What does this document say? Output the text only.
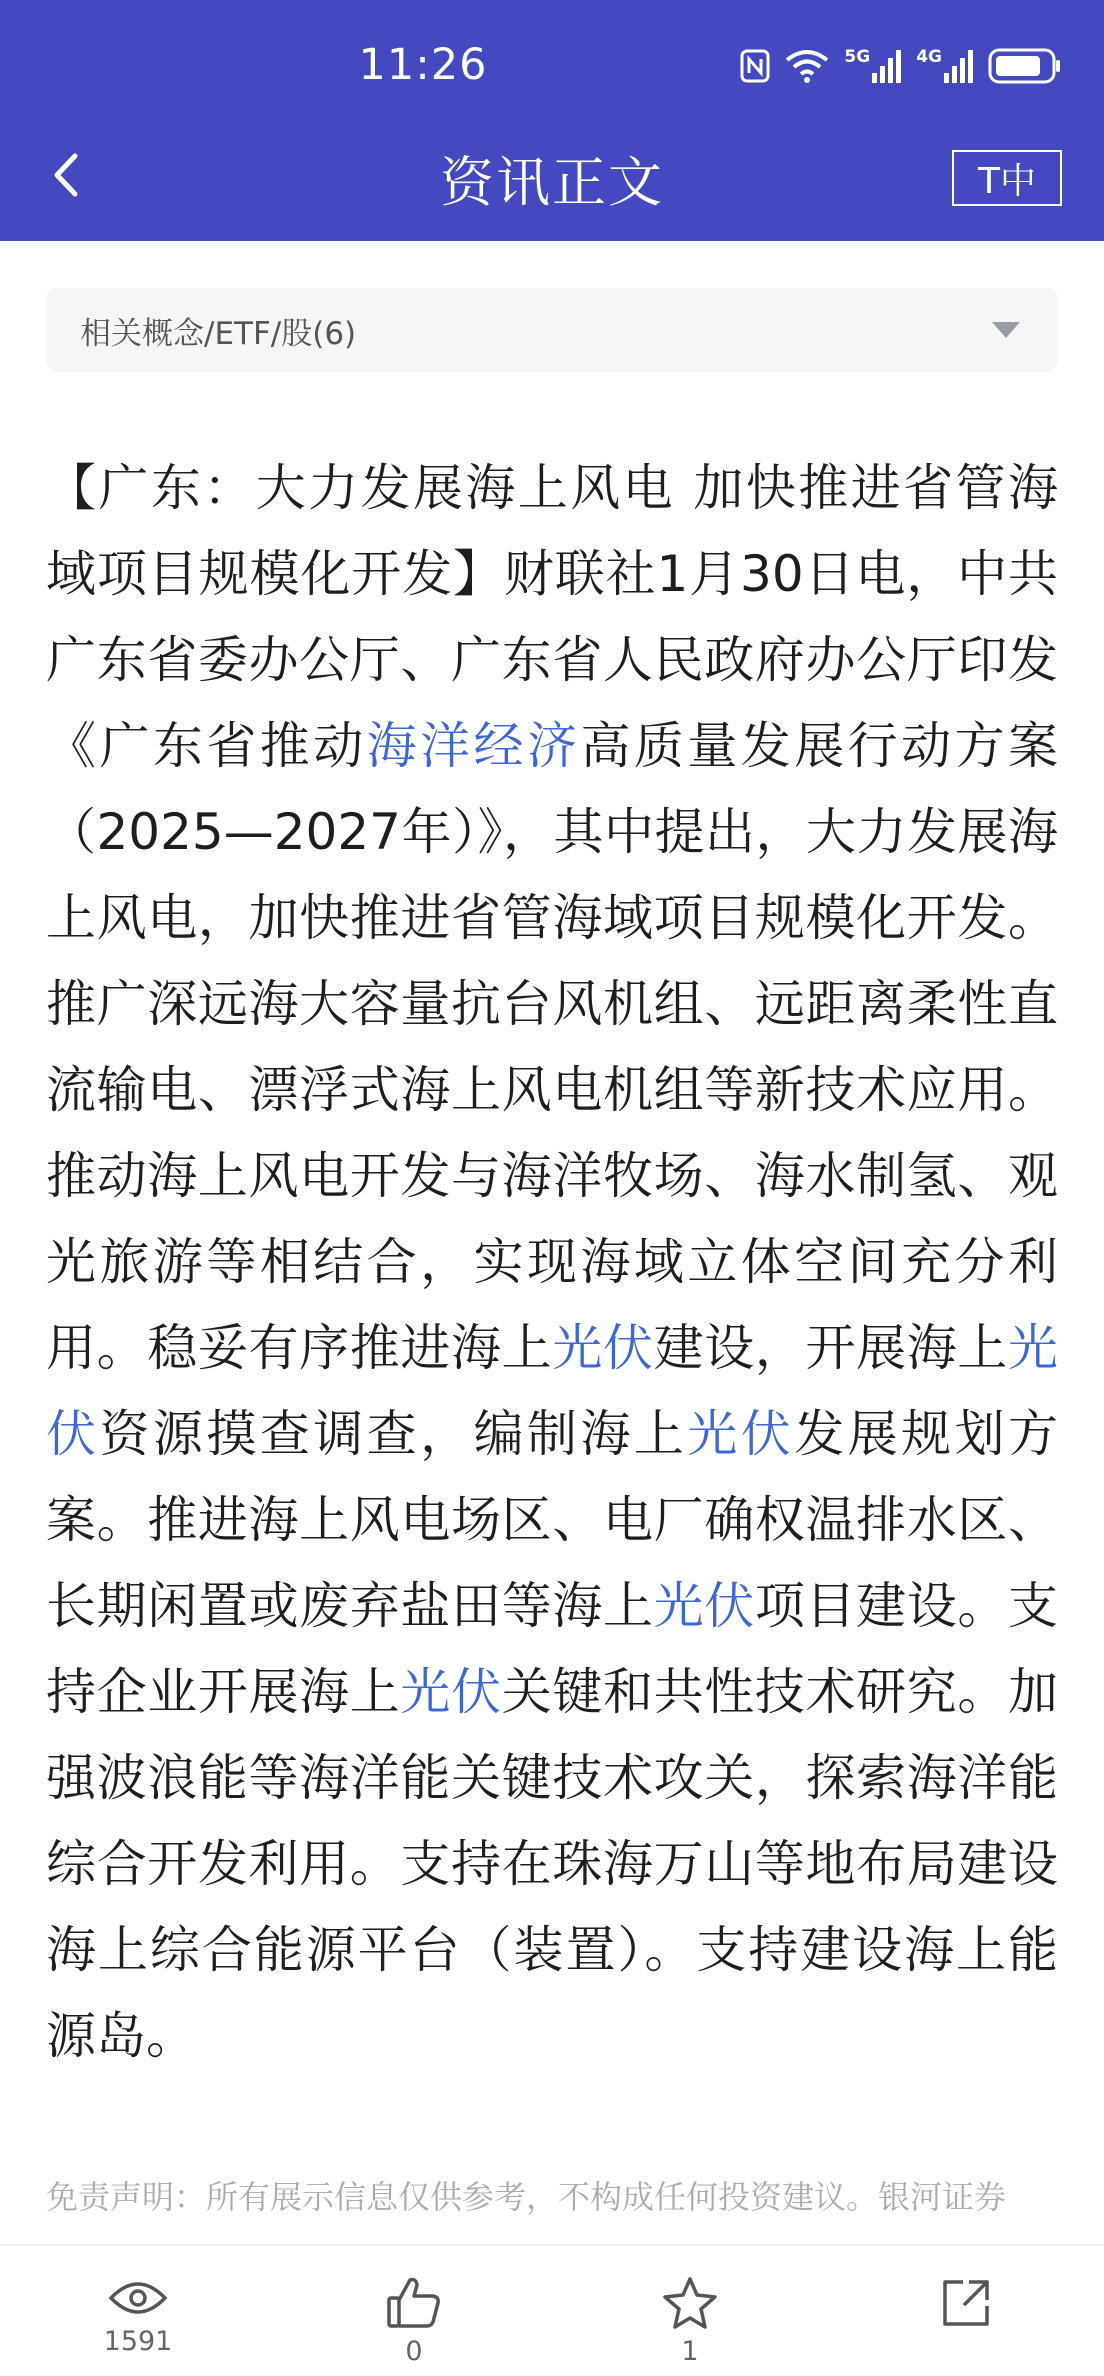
11:26	5G	4G
资讯正文	T中
相关概念/ETF/股(6)
【广东：大力发展海上风电 加快推进省管海域项目规模化开发】财联社1月30日电，中共广东省委办公厅、广东省人民政府办公厅印发《广东省推动海洋经济高质量发展行动方案（2025—2027年）》，其中提出，大力发展海上风电，加快推进省管海域项目规模化开发。推广深远海大容量抗台风机组、远距离柔性直流输电、漂浮式海上风电机组等新技术应用。推动海上风电开发与海洋牧场、海水制氢、观光旅游等相结合，实现海域立体空间充分利用。稳妥有序推进海上光伏建设，开展海上光伏资源摸查调查，编制海上光伏发展规划方案。推进海上风电场区、电厂确权温排水区、长期闲置或废弃盐田等海上光伏项目建设。支持企业开展海上光伏关键和共性技术研究。加强波浪能等海洋能关键技术攻关，探索海洋能综合开发利用。支持在珠海万山等地布局建设海上综合能源平台（装置）。支持建设海上能源岛。
免责声明：所有展示信息仅供参考，不构成任何投资建议。银河证券
1591	0	1
